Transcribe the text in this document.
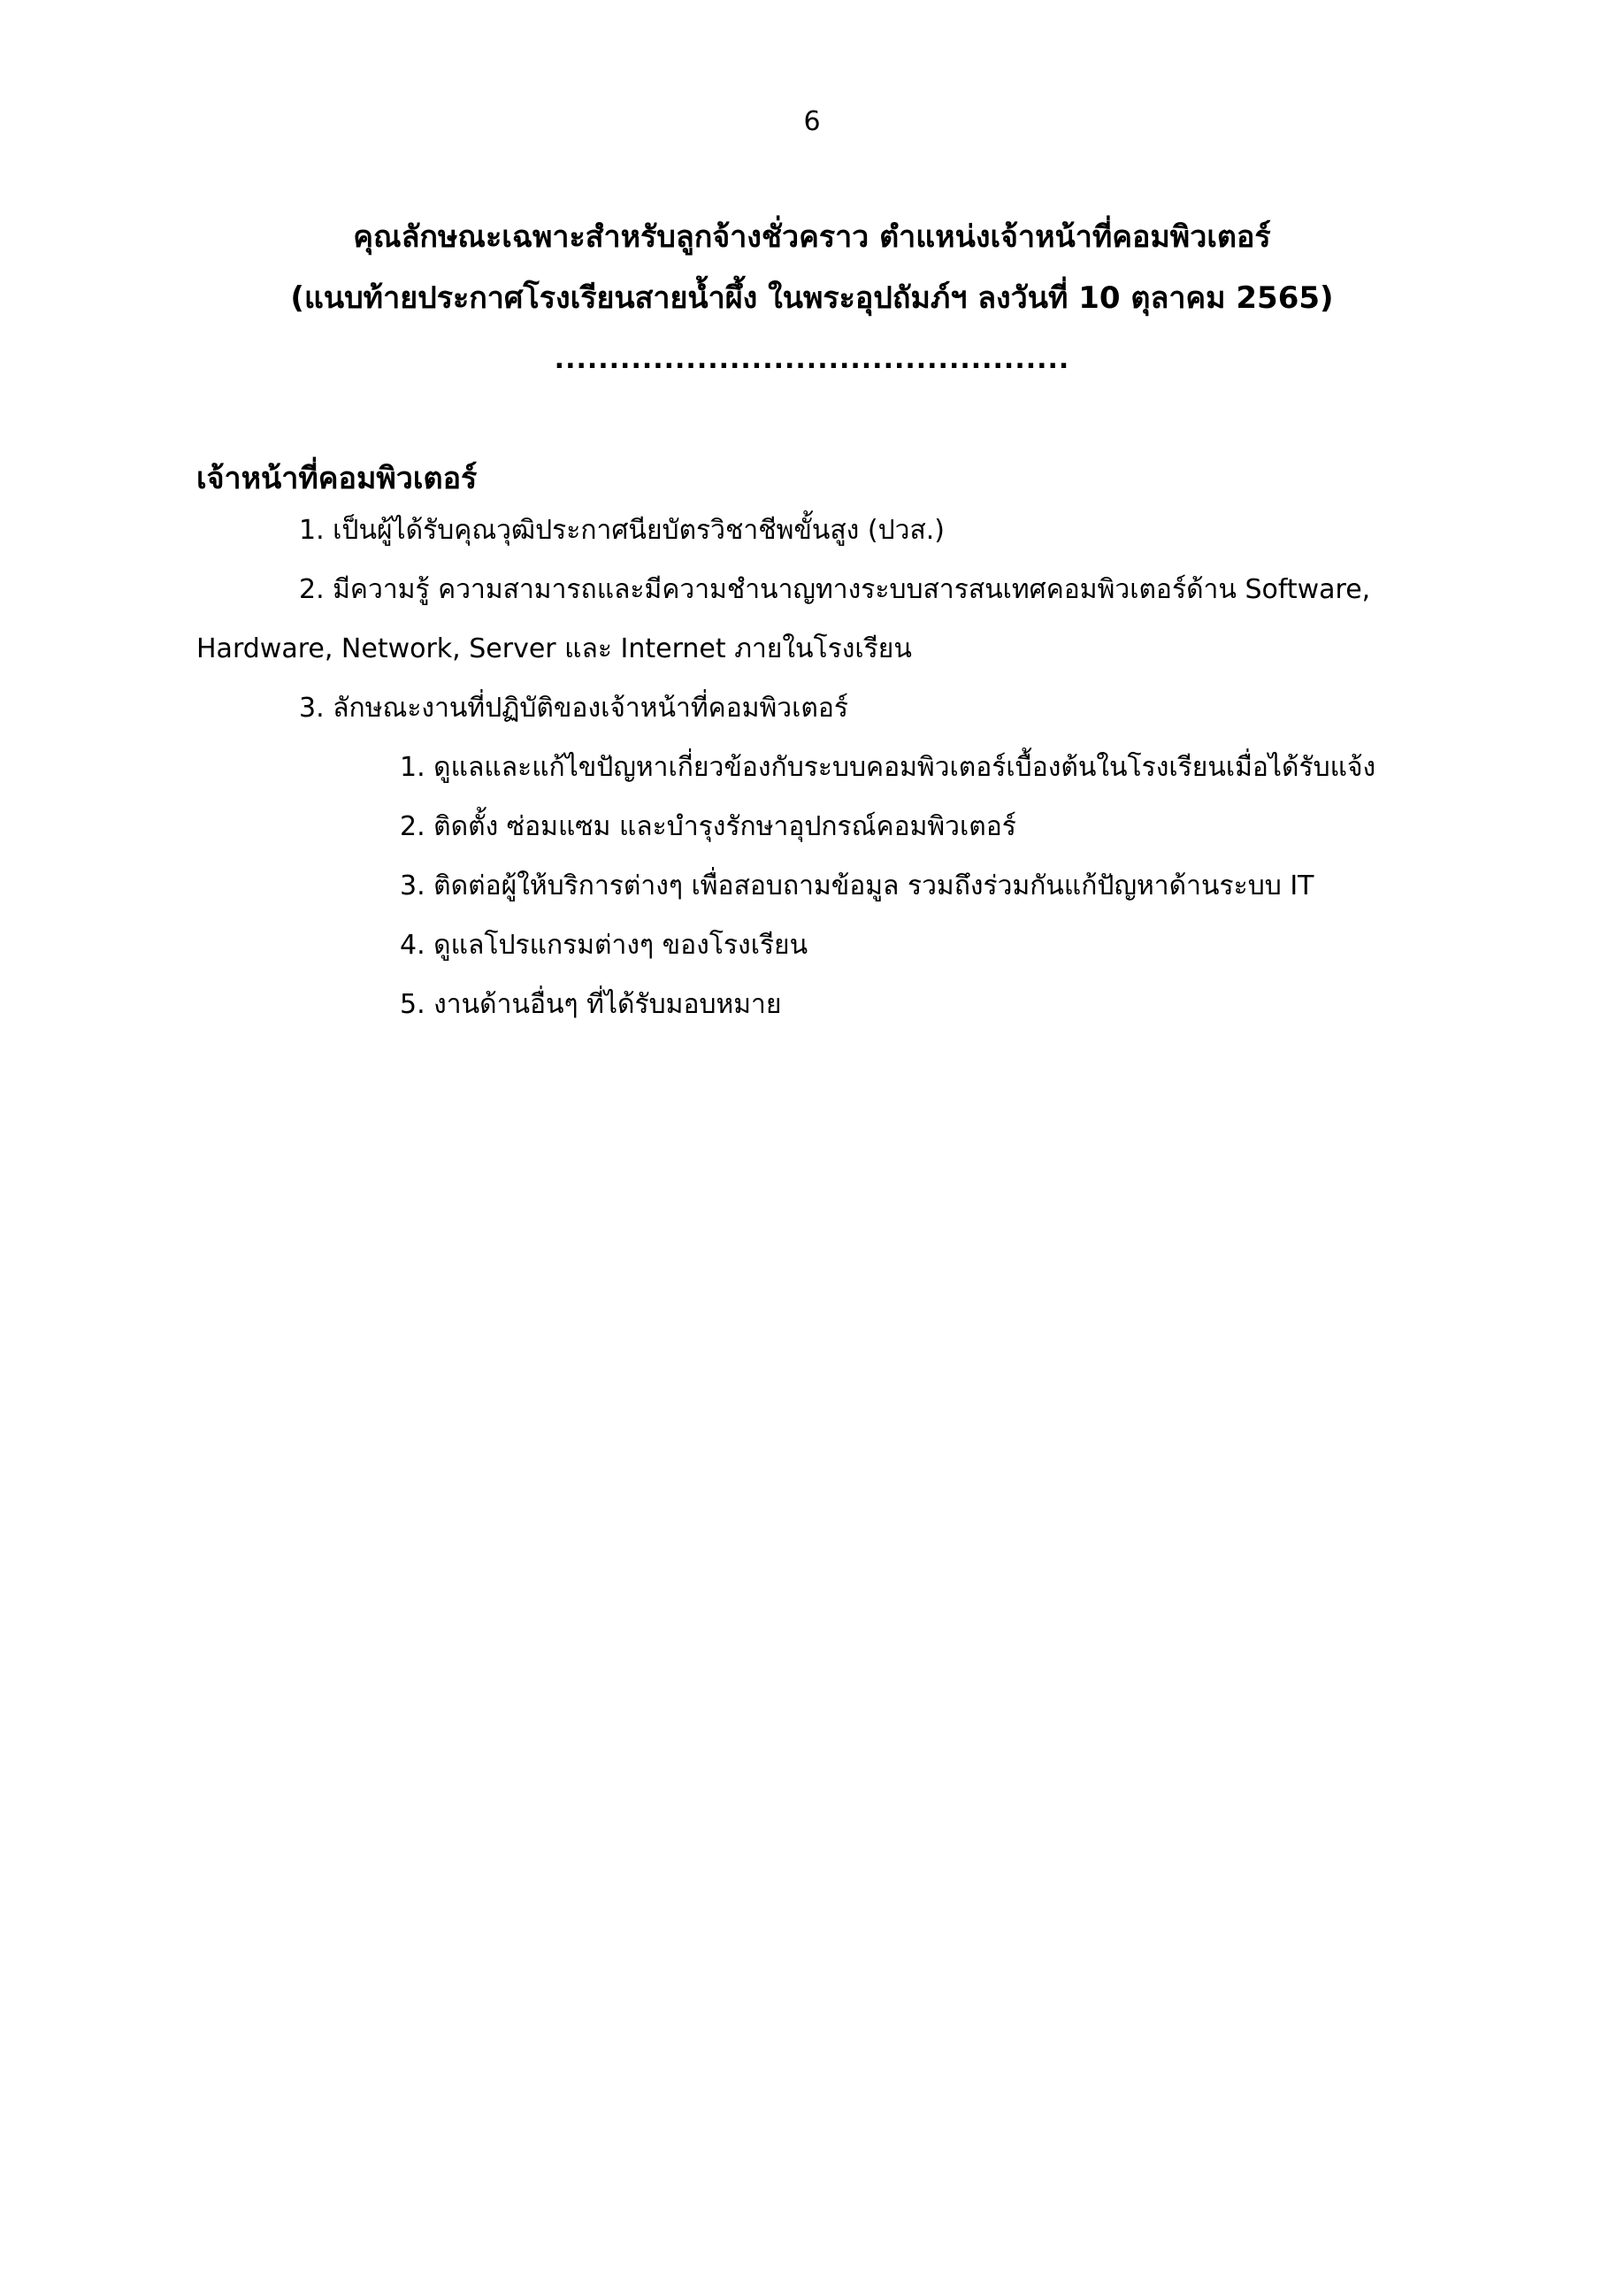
6
คุณลักษณะเฉพาะสำหรับลูกจ้างชั่วคราว ตำแหน่งเจ้าหน้าที่คอมพิวเตอร์
(แนบท้ายประกาศโรงเรียนสายน้ำผึ้ง ในพระอุปถัมภ์ฯ ลงวันที่ 10 ตุลาคม 2565)
...............................................
เจ้าหน้าที่คอมพิวเตอร์
1. เป็นผู้ได้รับคุณวุฒิประกาศนียบัตรวิชาชีพขั้นสูง (ปวส.)
2. มีความรู้ ความสามารถและมีความชำนาญทางระบบสารสนเทศคอมพิวเตอร์ด้าน Software,
Hardware, Network, Server และ Internet ภายในโรงเรียน
3. ลักษณะงานที่ปฏิบัติของเจ้าหน้าที่คอมพิวเตอร์
1. ดูแลและแก้ไขปัญหาเกี่ยวข้องกับระบบคอมพิวเตอร์เบื้องต้นในโรงเรียนเมื่อได้รับแจ้ง
2. ติดตั้ง ซ่อมแซม และบำรุงรักษาอุปกรณ์คอมพิวเตอร์
3. ติดต่อผู้ให้บริการต่างๆ เพื่อสอบถามข้อมูล รวมถึงร่วมกันแก้ปัญหาด้านระบบ IT
4. ดูแลโปรแกรมต่างๆ ของโรงเรียน
5. งานด้านอื่นๆ ที่ได้รับมอบหมาย
